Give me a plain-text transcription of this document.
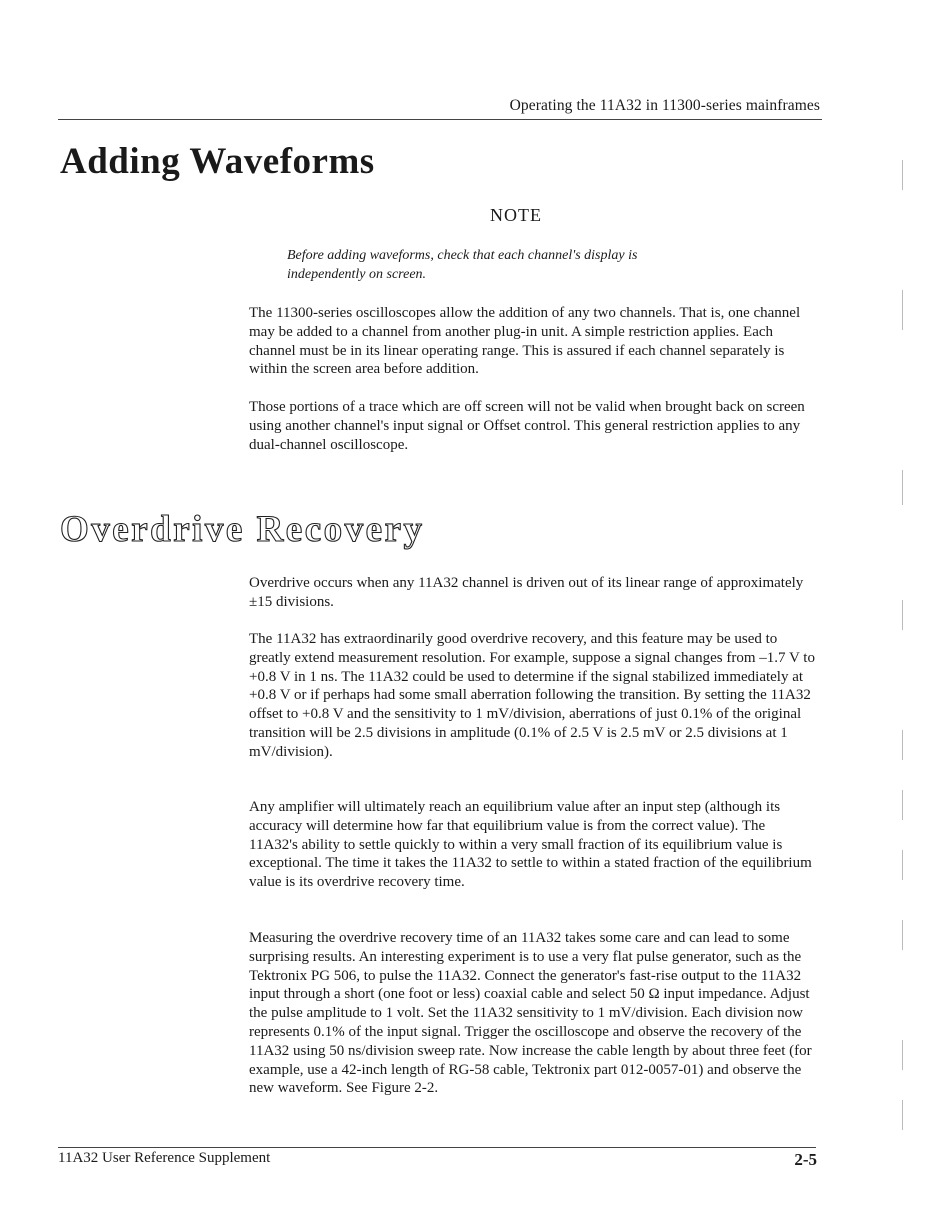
Operating the 11A32 in 11300-series mainframes
Adding Waveforms
NOTE
Before adding waveforms, check that each channel's display is independently on screen.

The 11300-series oscilloscopes allow the addition of any two channels. That is, one channel may be added to a channel from another plug-in unit. A simple restriction applies. Each channel must be in its linear operating range. This is assured if each channel separately is within the screen area before addition.

Those portions of a trace which are off screen will not be valid when brought back on screen using another channel's input signal or Offset control. This general restriction applies to any dual-channel oscilloscope.

Overdrive Recovery

Overdrive occurs when any 11A32 channel is driven out of its linear range of approximately ±15 divisions.

The 11A32 has extraordinarily good overdrive recovery, and this feature may be used to greatly extend measurement resolution. For example, suppose a signal changes from –1.7 V to +0.8 V in 1 ns. The 11A32 could be used to determine if the signal stabilized immediately at +0.8 V or if perhaps had some small aberration following the transition. By setting the 11A32 offset to +0.8 V and the sensitivity to 1 mV/division, aberrations of just 0.1% of the original transition will be 2.5 divisions in amplitude (0.1% of 2.5 V is 2.5 mV or 2.5 divisions at 1 mV/division).

Any amplifier will ultimately reach an equilibrium value after an input step (although its accuracy will determine how far that equilibrium value is from the correct value). The 11A32's ability to settle quickly to within a very small fraction of its equilibrium value is exceptional. The time it takes the 11A32 to settle to within a stated fraction of the equilibrium value is its overdrive recovery time.

Measuring the overdrive recovery time of an 11A32 takes some care and can lead to some surprising results. An interesting experiment is to use a very flat pulse generator, such as the Tektronix PG 506, to pulse the 11A32. Connect the generator's fast-rise output to the 11A32 input through a short (one foot or less) coaxial cable and select 50 Ω input impedance. Adjust the pulse amplitude to 1 volt. Set the 11A32 sensitivity to 1 mV/division. Each division now represents 0.1% of the input signal. Trigger the oscilloscope and observe the recovery of the 11A32 using 50 ns/division sweep rate. Now increase the cable length by about three feet (for example, use a 42-inch length of RG-58 cable, Tektronix part 012-0057-01) and observe the new waveform. See Figure 2-2.

11A32 User Reference Supplement	2-5
